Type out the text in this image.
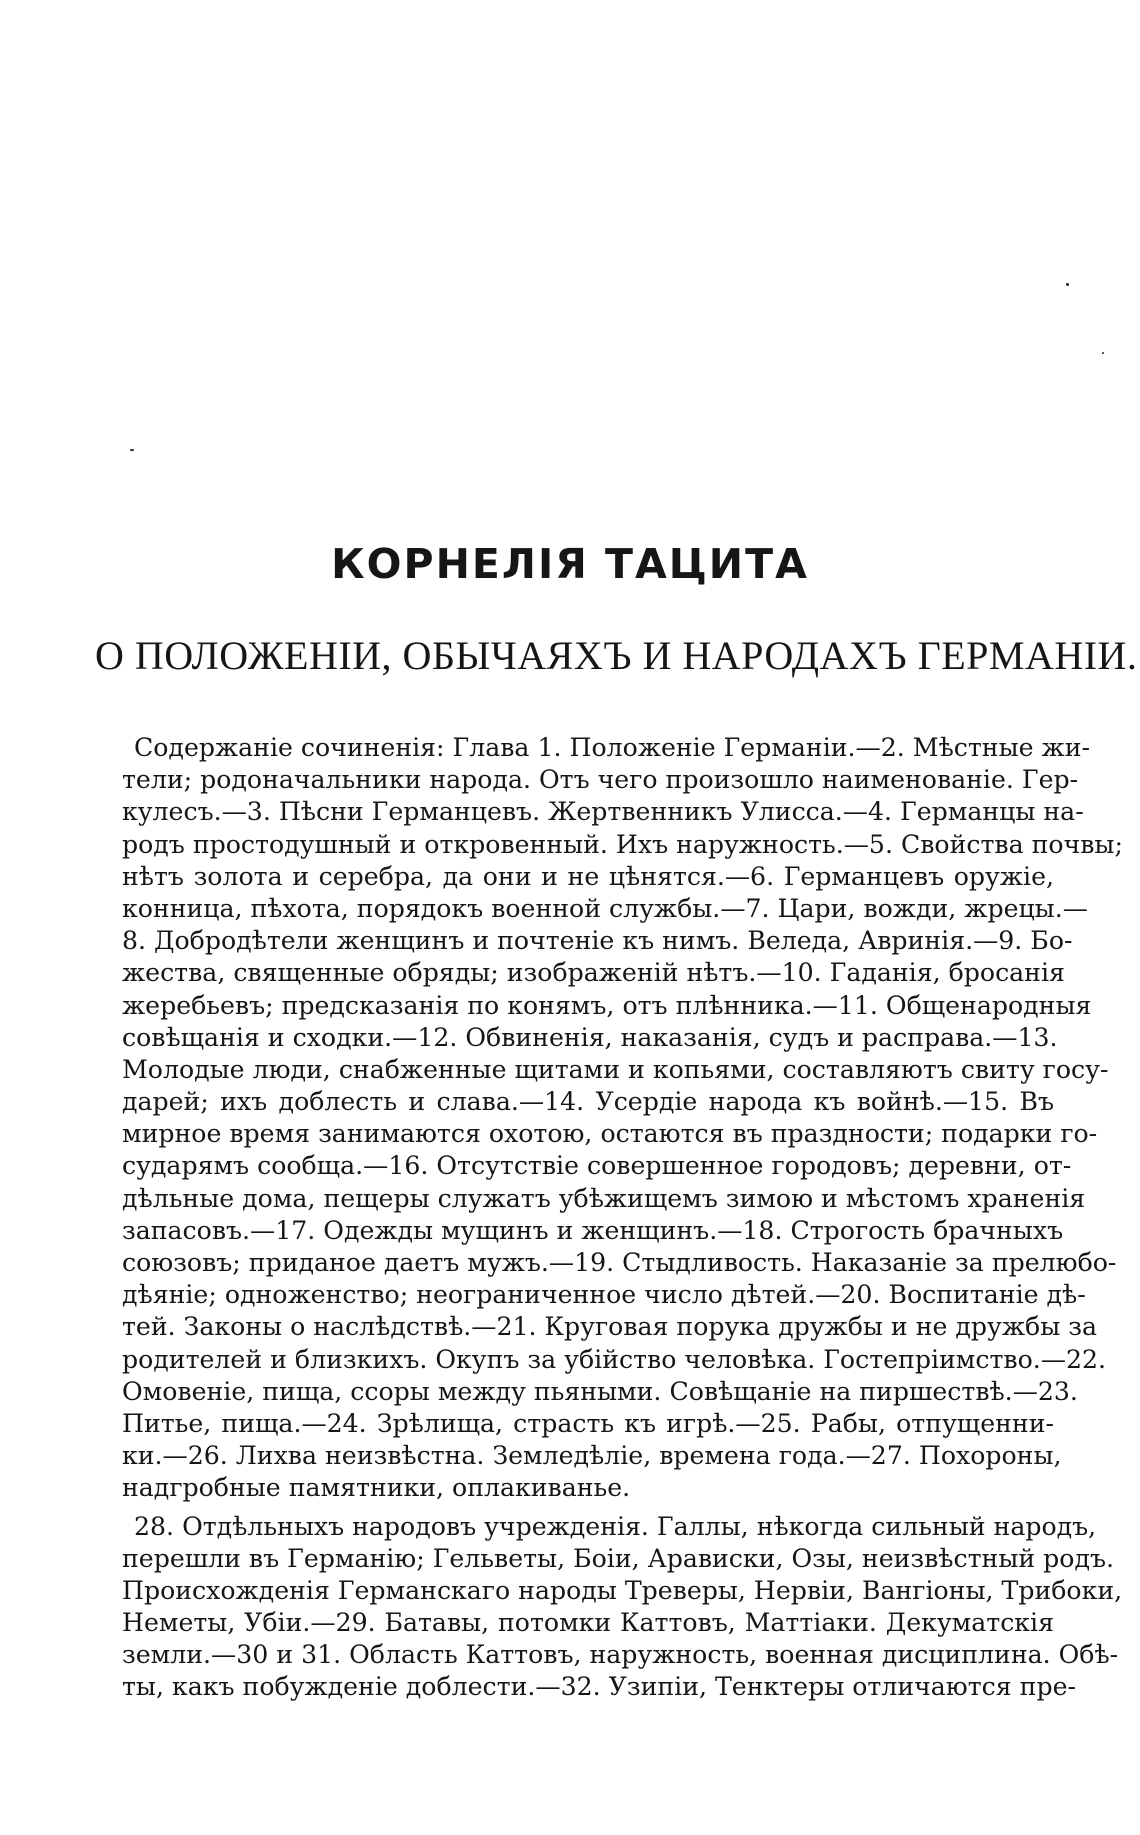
КОРНЕЛІЯ ТАЦИТА
О ПОЛОЖЕНІИ, ОБЫЧАЯХЪ И НАРОДАХЪ ГЕРМАНІИ.
Содержаніе сочиненія: Глава 1. Положеніе Германіи.—2. Мѣстные жи-
тели; родоначальники народа. Отъ чего произошло наименованіе. Гер-
кулесъ.—3. Пѣсни Германцевъ. Жертвенникъ Улисса.—4. Германцы на-
родъ простодушный и откровенный. Ихъ наружность.—5. Свойства почвы;
нѣтъ золота и серебра, да они и не цѣнятся.—6. Германцевъ оружіе,
конница, пѣхота, порядокъ военной службы.—7. Цари, вожди, жрецы.—
8. Добродѣтели женщинъ и почтеніе къ нимъ. Веледа, Авринія.—9. Бо-
жества, священные обряды; изображеній нѣтъ.—10. Гаданія, бросанія
жеребьевъ; предсказанія по конямъ, отъ плѣнника.—11. Общенародныя
совѣщанія и сходки.—12. Обвиненія, наказанія, судъ и расправа.—13.
Молодые люди, снабженные щитами и копьями, составляютъ свиту госу-
дарей; ихъ доблесть и слава.—14. Усердіе народа къ войнѣ.—15. Въ
мирное время занимаются охотою, остаются въ праздности; подарки го-
сударямъ сообща.—16. Отсутствіе совершенное городовъ; деревни, от-
дѣльные дома, пещеры служатъ убѣжищемъ зимою и мѣстомъ храненія
запасовъ.—17. Одежды мущинъ и женщинъ.—18. Строгость брачныхъ
союзовъ; приданое даетъ мужъ.—19. Стыдливость. Наказаніе за прелюбо-
дѣяніе; одноженство; неограниченное число дѣтей.—20. Воспитаніе дѣ-
тей. Законы о наслѣдствѣ.—21. Круговая порука дружбы и не дружбы за
родителей и близкихъ. Окупъ за убійство человѣка. Гостепріимство.—22.
Омовеніе, пища, ссоры между пьяными. Совѣщаніе на пиршествѣ.—23.
Питье, пища.—24. Зрѣлища, страсть къ игрѣ.—25. Рабы, отпущенни-
ки.—26. Лихва неизвѣстна. Земледѣліе, времена года.—27. Похороны,
надгробные памятники, оплакиванье.
28. Отдѣльныхъ народовъ учрежденія. Галлы, нѣкогда сильный народъ,
перешли въ Германію; Гельветы, Боіи, Арависки, Озы, неизвѣстный родъ.
Происхожденія Германскаго народы Треверы, Нервіи, Вангіоны, Трибоки,
Неметы, Убіи.—29. Батавы, потомки Каттовъ, Маттіаки. Декуматскія
земли.—30 и 31. Область Каттовъ, наружность, военная дисциплина. Обѣ-
ты, какъ побужденіе доблести.—32. Узипіи, Тенктеры отличаются пре-
